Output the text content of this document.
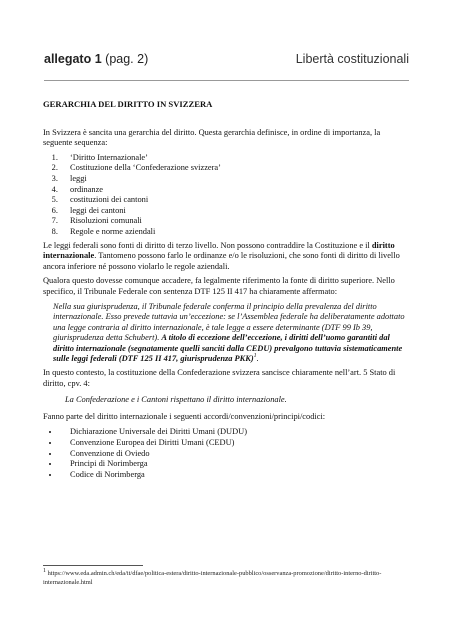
allegato 1 (pag. 2)	Libertà costituzionali
GERARCHIA DEL DIRITTO IN SVIZZERA

In Svizzera è sancita una gerarchia del diritto. Questa gerarchia definisce, in ordine di importanza, la seguente sequenza:

1. ‘Diritto Internazionale’
2. Costituzione della ‘Confederazione svizzera’
3. leggi
4. ordinanze
5. costituzioni dei cantoni
6. leggi dei cantoni
7. Risoluzioni comunali
8. Regole e norme aziendali

Le leggi federali sono fonti di diritto di terzo livello. Non possono contraddire la Costituzione e il diritto internazionale. Tantomeno possono farlo le ordinanze e/o le risoluzioni, che sono fonti di diritto di livello ancora inferiore né possono violarlo le regole aziendali.

Qualora questo dovesse comunque accadere, fa legalmente riferimento la fonte di diritto superiore. Nello specifico, il Tribunale Federale con sentenza DTF 125 II 417 ha chiaramente affermato:

Nella sua giurisprudenza, il Tribunale federale conferma il principio della prevalenza del diritto internazionale. Esso prevede tuttavia un’eccezione: se l’Assemblea federale ha deliberatamente adottato una legge contraria al diritto internazionale, è tale legge a essere determinante (DTF 99 Ib 39, giurisprudenza detta Schubert). A titolo di eccezione dell’eccezione, i diritti dell’uomo garantiti dal diritto internazionale (segnatamente quelli sanciti dalla CEDU) prevalgono tuttavia sistematicamente sulle leggi federali (DTF 125 II 417, giurisprudenza PKK)$^1$.

In questo contesto, la costituzione della Confederazione svizzera sancisce chiaramente nell’art. 5 Stato di diritto, cpv. 4:

La Confederazione e i Cantoni rispettano il diritto internazionale.

Fanno parte del diritto internazionale i seguenti accordi/convenzioni/principi/codici:

• Dichiarazione Universale dei Diritti Umani (DUDU)
• Convenzione Europea dei Diritti Umani (CEDU)
• Convenzione di Oviedo
• Principi di Norimberga
• Codice di Norimberga
$^1$ https://www.eda.admin.ch/eda/it/dfae/politica-estera/diritto-internazionale-pubblico/osservanza-promozione/diritto-interno-diritto-internazionale.html
